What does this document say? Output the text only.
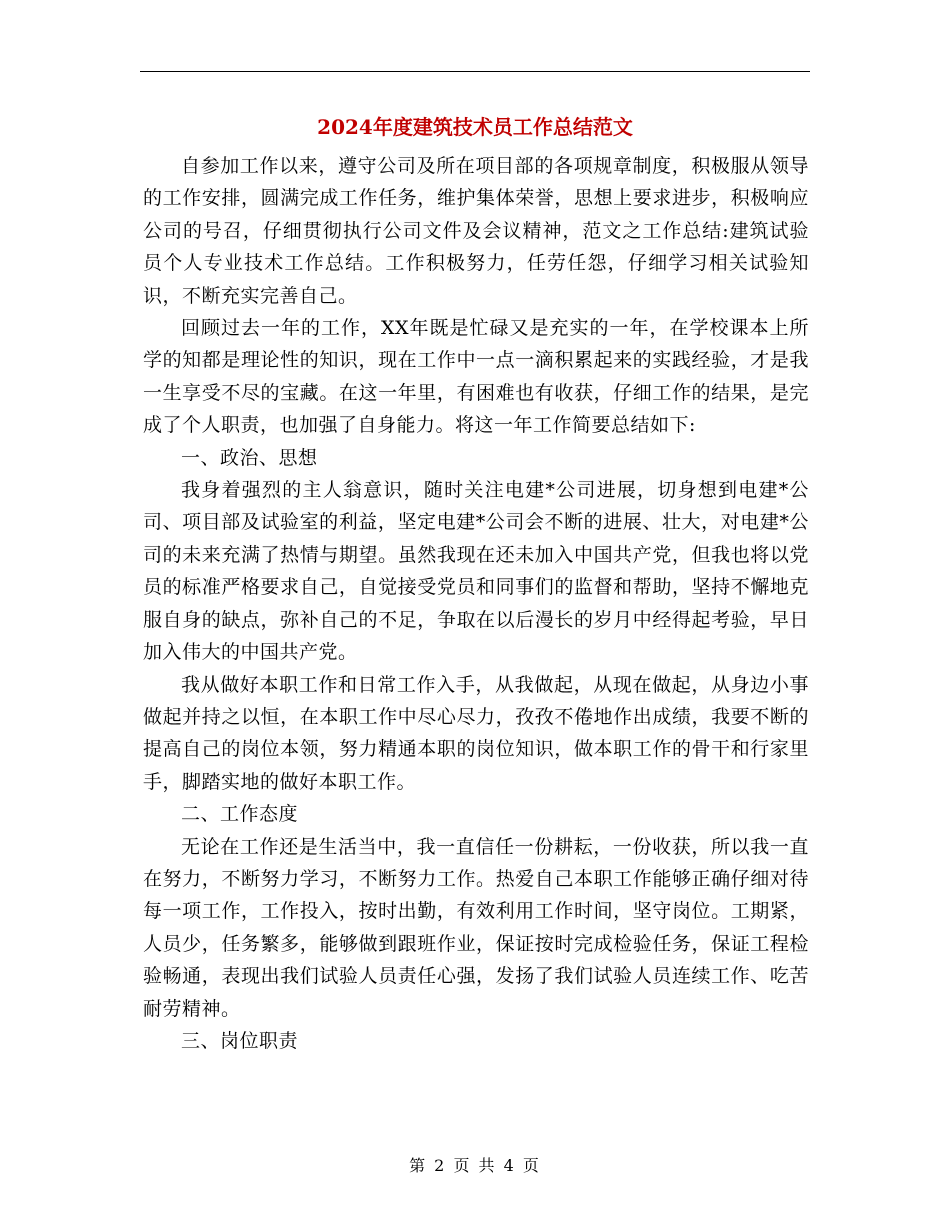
2024年度建筑技术员工作总结范文

自参加工作以来，遵守公司及所在项目部的各项规章制度，积极服从领导的工作安排，圆满完成工作任务，维护集体荣誉，思想上要求进步，积极响应公司的号召，仔细贯彻执行公司文件及会议精神，范文之工作总结:建筑试验员个人专业技术工作总结。工作积极努力，任劳任怨，仔细学习相关试验知识，不断充实完善自己。

回顾过去一年的工作，XX年既是忙碌又是充实的一年，在学校课本上所学的知都是理论性的知识，现在工作中一点一滴积累起来的实践经验，才是我一生享受不尽的宝藏。在这一年里，有困难也有收获，仔细工作的结果，是完成了个人职责，也加强了自身能力。将这一年工作简要总结如下:

一、政治、思想

我身着强烈的主人翁意识，随时关注电建*公司进展，切身想到电建*公司、项目部及试验室的利益，坚定电建*公司会不断的进展、壮大，对电建*公司的未来充满了热情与期望。虽然我现在还未加入中国共产党，但我也将以党员的标准严格要求自己，自觉接受党员和同事们的监督和帮助，坚持不懈地克服自身的缺点，弥补自己的不足，争取在以后漫长的岁月中经得起考验，早日加入伟大的中国共产党。

我从做好本职工作和日常工作入手，从我做起，从现在做起，从身边小事做起并持之以恒，在本职工作中尽心尽力，孜孜不倦地作出成绩，我要不断的提高自己的岗位本领，努力精通本职的岗位知识，做本职工作的骨干和行家里手，脚踏实地的做好本职工作。

二、工作态度

无论在工作还是生活当中，我一直信任一份耕耘，一份收获，所以我一直在努力，不断努力学习，不断努力工作。热爱自己本职工作能够正确仔细对待每一项工作，工作投入，按时出勤，有效利用工作时间，坚守岗位。工期紧，人员少，任务繁多，能够做到跟班作业，保证按时完成检验任务，保证工程检验畅通，表现出我们试验人员责任心强，发扬了我们试验人员连续工作、吃苦耐劳精神。

三、岗位职责

第 2 页 共 4 页
